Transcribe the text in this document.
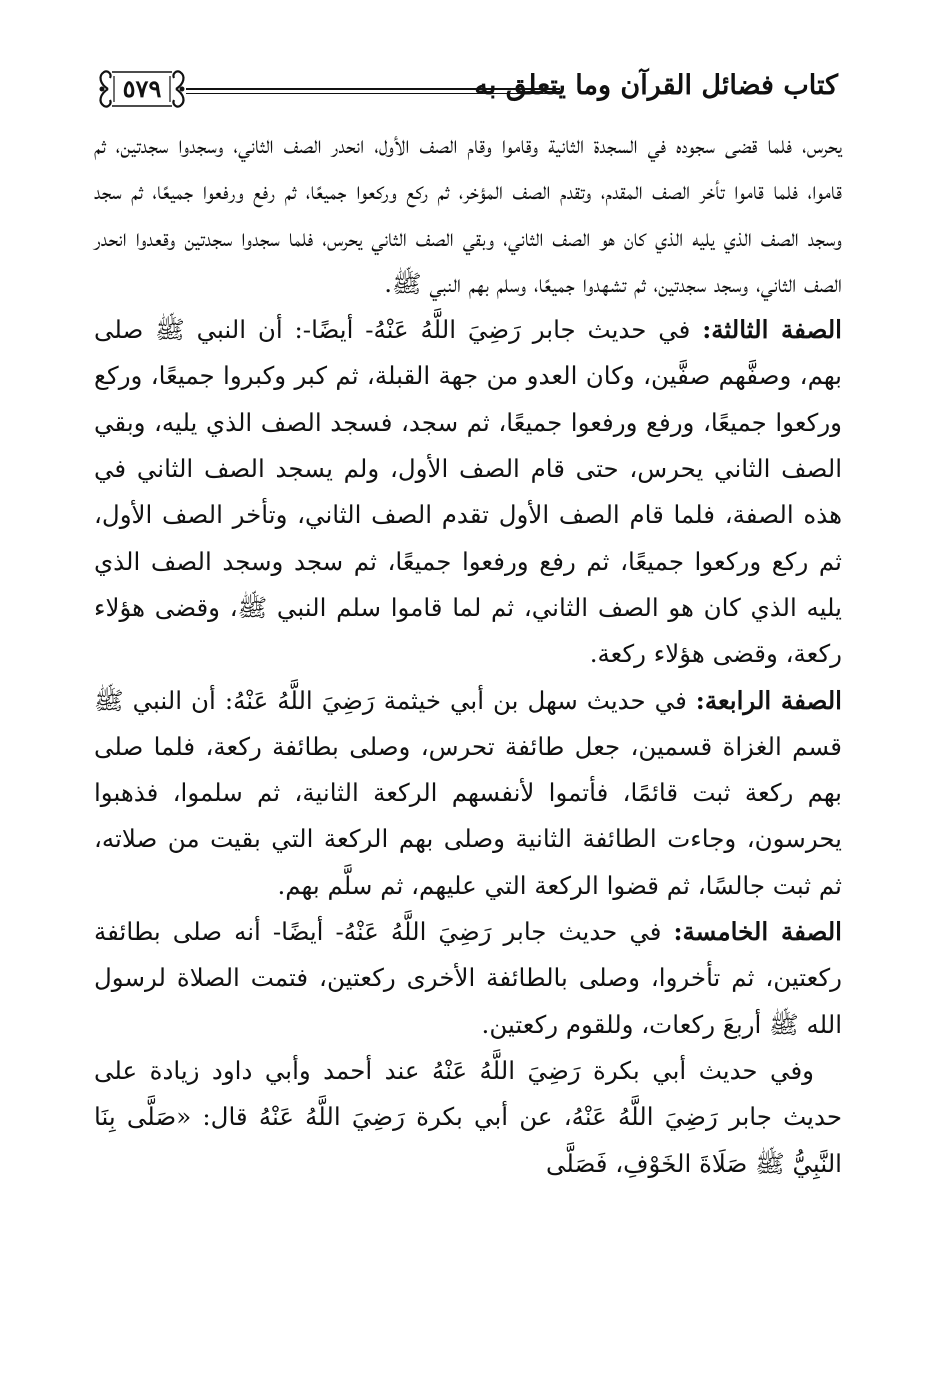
كتاب فضائل القرآن وما يتعلق به
٥٧٩

يحرس، فلما قضى سجوده في السجدة الثانية وقاموا وقام الصف الأول، انحدر الصف الثاني، وسجدوا سجدتين، ثم قاموا، فلما قاموا تأخر الصف المقدم، وتقدم الصف المؤخر، ثم ركع وركعوا جميعًا، ثم رفع ورفعوا جميعًا، ثم سجد وسجد الصف الذي يليه الذي كان هو الصف الثاني، وبقي الصف الثاني يحرس، فلما سجدوا سجدتين وقعدوا انحدر الصف الثاني، وسجد سجدتين، ثم تشهدوا جميعًا، وسلم بهم النبي ﷺ.

الصفة الثالثة: في حديث جابر رَضِيَ اللَّهُ عَنْهُ- أيضًا-: أن النبي ﷺ صلى بهم، وصفَّهم صفَّين، وكان العدو من جهة القبلة، ثم كبر وكبروا جميعًا، وركع وركعوا جميعًا، ورفع ورفعوا جميعًا، ثم سجد، فسجد الصف الذي يليه، وبقي الصف الثاني يحرس، حتى قام الصف الأول، ولم يسجد الصف الثاني في هذه الصفة، فلما قام الصف الأول تقدم الصف الثاني، وتأخر الصف الأول، ثم ركع وركعوا جميعًا، ثم رفع ورفعوا جميعًا، ثم سجد وسجد الصف الذي يليه الذي كان هو الصف الثاني، ثم لما قاموا سلم النبي ﷺ، وقضى هؤلاء ركعة، وقضى هؤلاء ركعة.

الصفة الرابعة: في حديث سهل بن أبي خيثمة رَضِيَ اللَّهُ عَنْهُ: أن النبي ﷺ قسم الغزاة قسمين، جعل طائفة تحرس، وصلى بطائفة ركعة، فلما صلى بهم ركعة ثبت قائمًا، فأتموا لأنفسهم الركعة الثانية، ثم سلموا، فذهبوا يحرسون، وجاءت الطائفة الثانية وصلى بهم الركعة التي بقيت من صلاته، ثم ثبت جالسًا، ثم قضوا الركعة التي عليهم، ثم سلَّم بهم.

الصفة الخامسة: في حديث جابر رَضِيَ اللَّهُ عَنْهُ- أيضًا- أنه صلى بطائفة ركعتين، ثم تأخروا، وصلى بالطائفة الأخرى ركعتين، فتمت الصلاة لرسول الله ﷺ أربعَ ركعات، وللقوم ركعتين.

وفي حديث أبي بكرة رَضِيَ اللَّهُ عَنْهُ عند أحمد وأبي داود زيادة على حديث جابر رَضِيَ اللَّهُ عَنْهُ، عن أبي بكرة رَضِيَ اللَّهُ عَنْهُ قال: «صَلَّى بِنَا النَّبِيُّ ﷺ صَلَاةَ الخَوْفِ، فَصَلَّى
